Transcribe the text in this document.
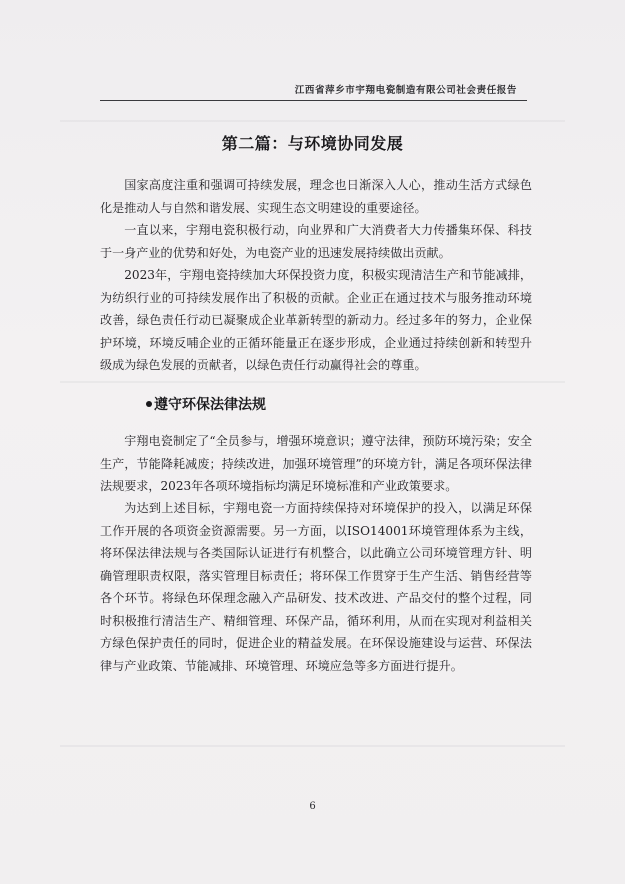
江西省萍乡市宇翔电瓷制造有限公司社会责任报告
第二篇：与环境协同发展
国家高度注重和强调可持续发展，理念也日渐深入人心，推动生活方式绿色化是推动人与自然和谐发展、实现生态文明建设的重要途径。
一直以来，宇翔电瓷积极行动，向业界和广大消费者大力传播集环保、科技于一身产业的优势和好处，为电瓷产业的迅速发展持续做出贡献。
2023年，宇翔电瓷持续加大环保投资力度，积极实现清洁生产和节能减排，为纺织行业的可持续发展作出了积极的贡献。企业正在通过技术与服务推动环境改善，绿色责任行动已凝聚成企业革新转型的新动力。经过多年的努力，企业保护环境，环境反哺企业的正循环能量正在逐步形成，企业通过持续创新和转型升级成为绿色发展的贡献者，以绿色责任行动赢得社会的尊重。
遵守环保法律法规
宇翔电瓷制定了“全员参与，增强环境意识；遵守法律，预防环境污染；安全生产，节能降耗减废；持续改进，加强环境管理”的环境方针，满足各项环保法律法规要求，2023年各项环境指标均满足环境标准和产业政策要求。
为达到上述目标，宇翔电瓷一方面持续保持对环境保护的投入，以满足环保工作开展的各项资金资源需要。另一方面，以ISO14001环境管理体系为主线，将环保法律法规与各类国际认证进行有机整合，以此确立公司环境管理方针、明确管理职责权限，落实管理目标责任；将环保工作贯穿于生产生活、销售经营等各个环节。将绿色环保理念融入产品研发、技术改进、产品交付的整个过程，同时积极推行清洁生产、精细管理、环保产品，循环利用，从而在实现对利益相关方绿色保护责任的同时，促进企业的精益发展。在环保设施建设与运营、环保法律与产业政策、节能减排、环境管理、环境应急等多方面进行提升。
6
